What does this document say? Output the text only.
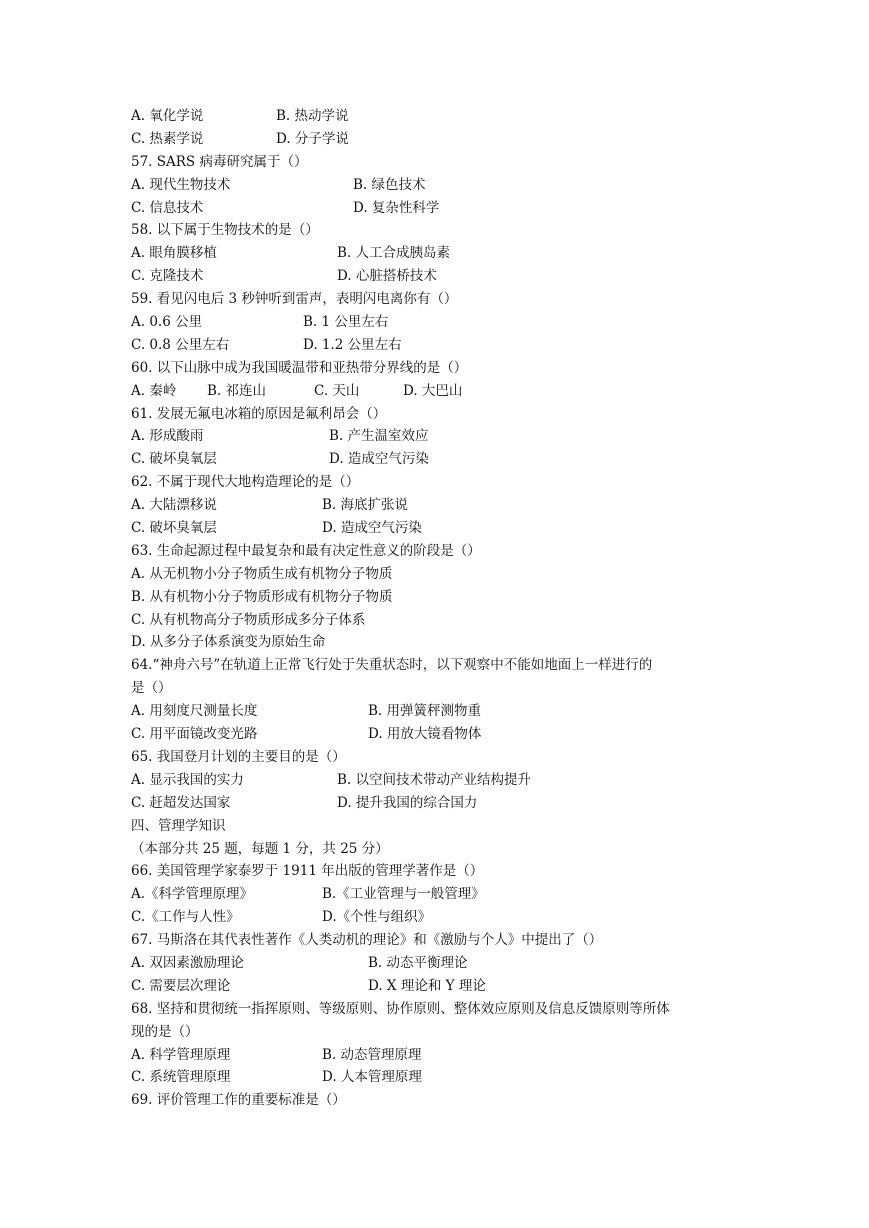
A. 氧化学说	B. 热动学说
C. 热素学说	D. 分子学说
57. SARS 病毒研究属于（）
A. 现代生物技术	B. 绿色技术
C. 信息技术	D. 复杂性科学
58. 以下属于生物技术的是（）
A. 眼角膜移植	B. 人工合成胰岛素
C. 克隆技术	D. 心脏搭桥技术
59. 看见闪电后 3 秒钟听到雷声，表明闪电离你有（）
A. 0.6 公里	B. 1 公里左右
C. 0.8 公里左右	D. 1.2 公里左右
60. 以下山脉中成为我国暖温带和亚热带分界线的是（）
A. 秦岭 B. 祁连山	C. 天山	D. 大巴山
61. 发展无氟电冰箱的原因是氟利昂会（）
A. 形成酸雨	B. 产生温室效应
C. 破坏臭氧层	D. 造成空气污染
62. 不属于现代大地构造理论的是（）
A. 大陆漂移说	B. 海底扩张说
C. 破坏臭氧层	D. 造成空气污染
63. 生命起源过程中最复杂和最有决定性意义的阶段是（）
A. 从无机物小分子物质生成有机物分子物质
B. 从有机物小分子物质形成有机物分子物质
C. 从有机物高分子物质形成多分子体系
D. 从多分子体系演变为原始生命
64.“神舟六号”在轨道上正常飞行处于失重状态时，以下观察中不能如地面上一样进行的
是（）
A. 用刻度尺测量长度	B. 用弹簧秤测物重
C. 用平面镜改变光路	D. 用放大镜看物体
65. 我国登月计划的主要目的是（）
A. 显示我国的实力	B. 以空间技术带动产业结构提升
C. 赶超发达国家	D. 提升我国的综合国力
四、管理学知识
（本部分共 25 题，每题 1 分，共 25 分）
66. 美国管理学家泰罗于 1911 年出版的管理学著作是（）
A.《科学管理原理》	B.《工业管理与一般管理》
C.《工作与人性》	D.《个性与组织》
67. 马斯洛在其代表性著作《人类动机的理论》和《激励与个人》中提出了（）
A. 双因素激励理论	B. 动态平衡理论
C. 需要层次理论	D. X 理论和 Y 理论
68. 坚持和贯彻统一指挥原则、等级原则、协作原则、整体效应原则及信息反馈原则等所体
现的是（）
A. 科学管理原理	B. 动态管理原理
C. 系统管理原理	D. 人本管理原理
69. 评价管理工作的重要标准是（）
